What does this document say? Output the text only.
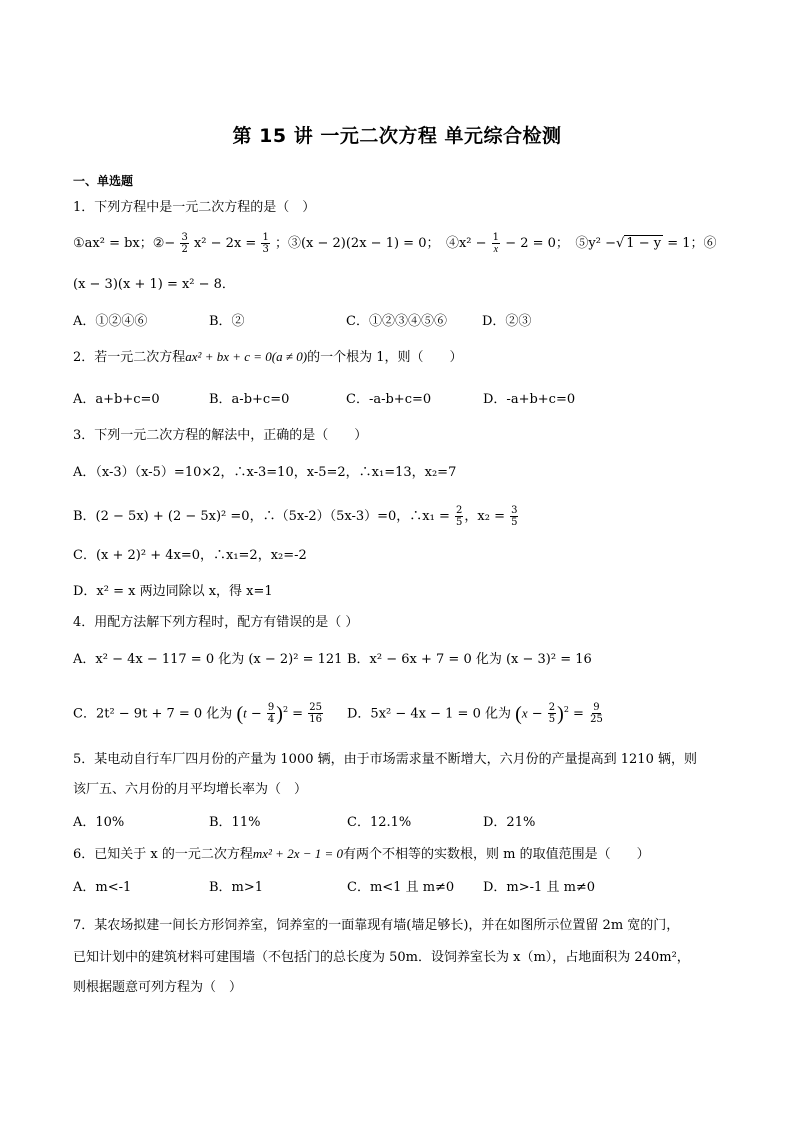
第 15 讲 一元二次方程 单元综合检测
一、单选题
1．下列方程中是一元二次方程的是（　）
①ax² = bx；②− $\frac{3}{2} x^2 - 2x = \frac{1}{3}$ ；③(x − 2)(2x − 1) = 0；　④x² − $\frac{1}{x} - 2 = 0$；　⑤y² −√ 1 − y = 1；⑥
(x − 3)(x + 1) = x² − 8．
A．①②④⑥	B．②	C．①②③④⑤⑥	D．②③
2．若一元二次方程ax² + bx + c = 0(a ≠ 0)的一个根为 1，则（　　）
A．a+b+c=0	B．a-b+c=0	C．-a-b+c=0	D．-a+b+c=0
3．下列一元二次方程的解法中，正确的是（　　）
A．（x-3）（x-5）=10×2，∴x-3=10，x-5=2，∴x₁=13，x₂=7
B．(2 − 5x) + (2 − 5x)² =0，∴（5x-2）（5x-3）=0，∴x₁ = $\frac{2}{5}$ ，$x_2 = \frac{3}{5}$
C．(x + 2)² + 4x=0，∴x₁=2，x₂=-2
D．x² = x 两边同除以 x，得 x=1
4．用配方法解下列方程时，配方有错误的是（ ）
A．x² − 4x − 117 = 0 化为 (x − 2)² = 121 B．x² − 6x + 7 = 0 化为 (x − 3)² = 16
C．2t² − 9t + 7 = 0 化为 $(t - \frac{9}{4} )^2 = \frac{25}{16}$ D．5x² − 4x − 1 = 0 化为 $(x - \frac{2}{5} )^2 = \frac{9}{25}$
5．某电动自行车厂四月份的产量为 1000 辆，由于市场需求量不断增大，六月份的产量提高到 1210 辆，则
该厂五、六月份的月平均增长率为（　）
A．10%	B．11%	C．12.1%	D．21%
6．已知关于 x 的一元二次方程mx² + 2x − 1 = 0有两个不相等的实数根，则 m 的取值范围是（　　）
A．m<-1	B．m>1	C．m<1 且 m≠0	D．m>-1 且 m≠0
7．某农场拟建一间长方形饲养室，饲养室的一面靠现有墙(墙足够长)，并在如图所示位置留 2m 宽的门，
已知计划中的建筑材料可建围墙（不包括门的总长度为 50m．设饲养室长为 x（m），占地面积为 240m²，
则根据题意可列方程为（　）
